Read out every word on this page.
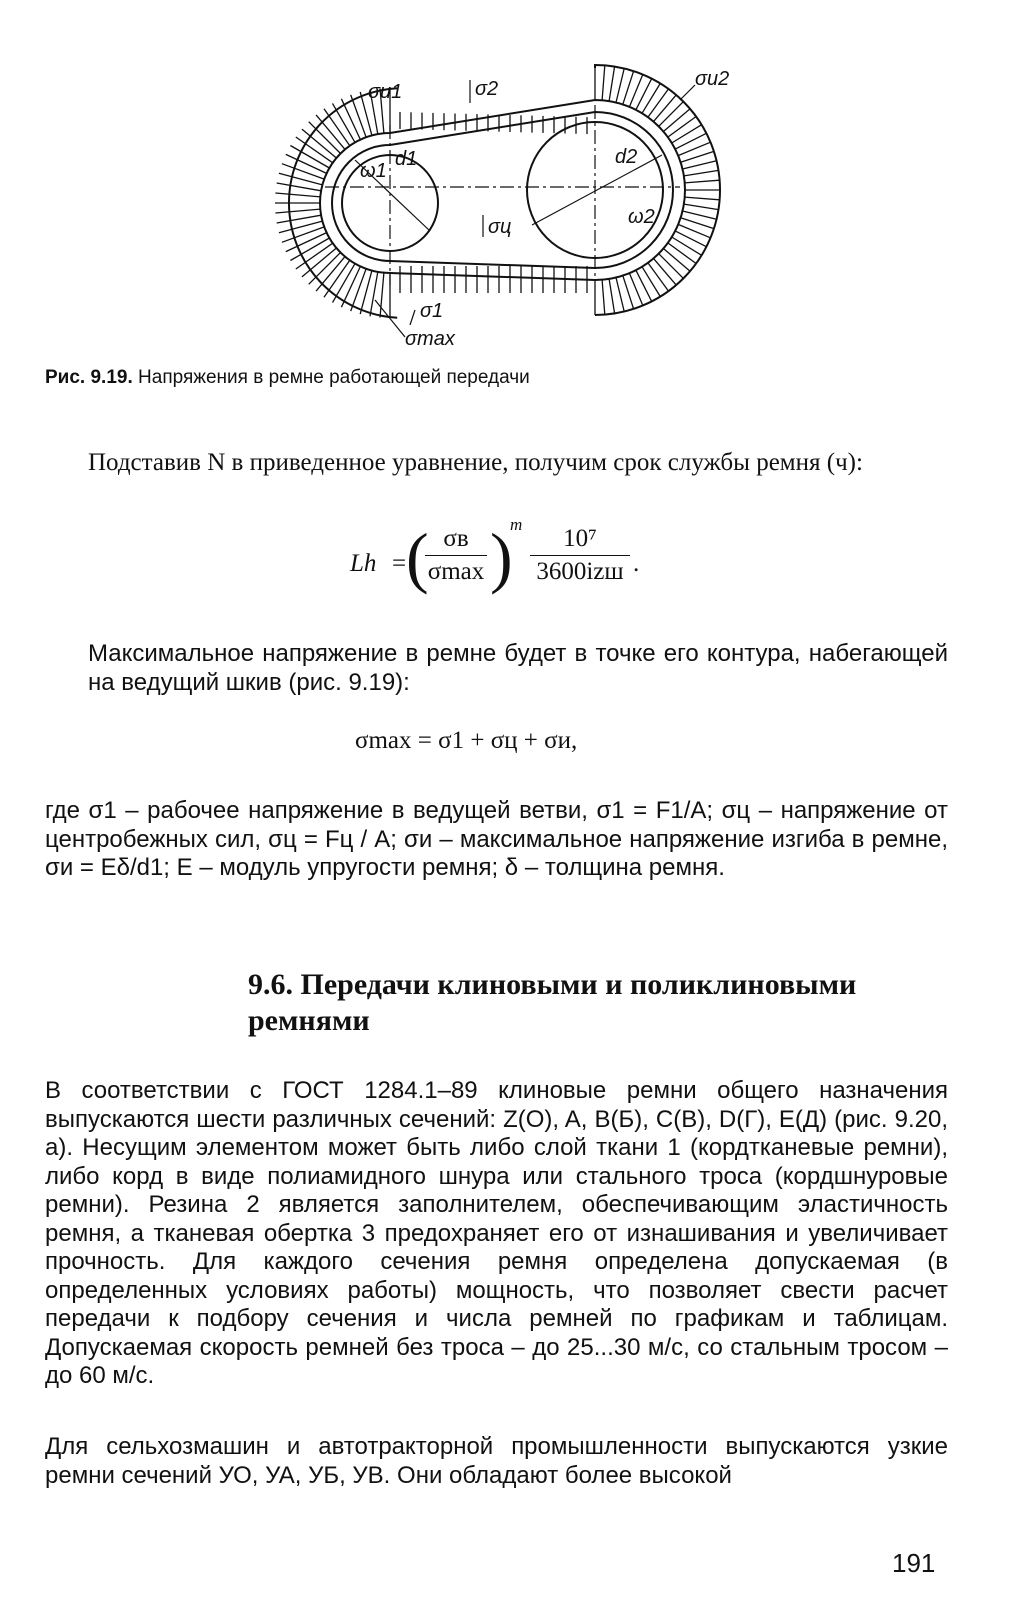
σи1	σ2	σи2
ω1
d1	d2
ω2
σц
σ1
σmax
Рис. 9.19. Напряжения в ремне работающей передачи
Подставив N в приведенное уравнение, получим срок службы ремня (ч):
Lh = ( σв
σmax )
m
10⁷
3600izш .
Максимальное напряжение в ремне будет в точке его контура, набегающей на ведущий шкив (рис. 9.19):
σmax = σ1 + σц + σи,
где σ1 – рабочее напряжение в ведущей ветви, σ1 = F1/A; σц – напряжение от центробежных сил, σц = Fц / A; σи – максимальное напряжение изгиба в ремне, σи = Eδ/d1; E – модуль упругости ремня; δ – толщина ремня.
9.6. Передачи клиновыми и поликлиновыми ремнями
В соответствии с ГОСТ 1284.1–89 клиновые ремни общего назначения выпускаются шести различных сечений: Z(O), A, B(Б), C(B), D(Г), E(Д) (рис. 9.20, а). Несущим элементом может быть либо слой ткани 1 (кордтканевые ремни), либо корд в виде полиамидного шнура или стального троса (кордшнуровые ремни). Резина 2 является заполнителем, обеспечивающим эластичность ремня, а тканевая обертка 3 предохраняет его от изнашивания и увеличивает прочность. Для каждого сечения ремня определена допускаемая (в определенных условиях работы) мощность, что позволяет свести расчет передачи к подбору сечения и числа ремней по графикам и таблицам. Допускаемая скорость ремней без троса – до 25...30 м/с, со стальным тросом – до 60 м/с.
Для сельхозмашин и автотракторной промышленности выпускаются узкие ремни сечений УО, УА, УБ, УВ. Они обладают более высокой
191
